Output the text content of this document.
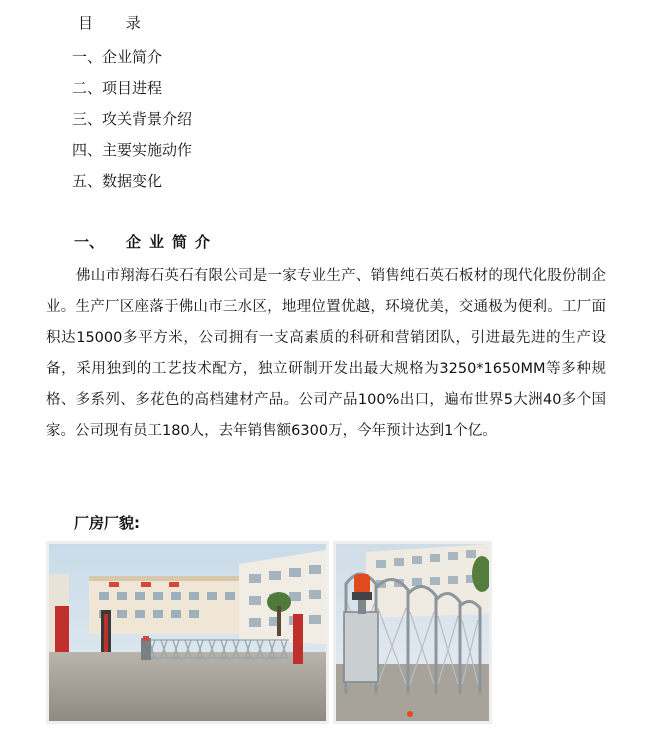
目 录
一、企业简介
二、项目进程
三、攻关背景介绍
四、主要实施动作
五、数据变化
一、 企业简介

佛山市翔海石英石有限公司是一家专业生产、销售纯石英石板材的现代化股份制企业。生产厂区座落于佛山市三水区，地理位置优越，环境优美，交通极为便利。工厂面积达15000多平方米，公司拥有一支高素质的科研和营销团队，引进最先进的生产设备，采用独到的工艺技术配方，独立研制开发出最大规格为3250*1650MM等多种规格、多系列、多花色的高档建材产品。公司产品100%出口，遍布世界5大洲40多个国家。公司现有员工180人，去年销售额6300万，今年预计达到1个亿。

厂房厂貌:
